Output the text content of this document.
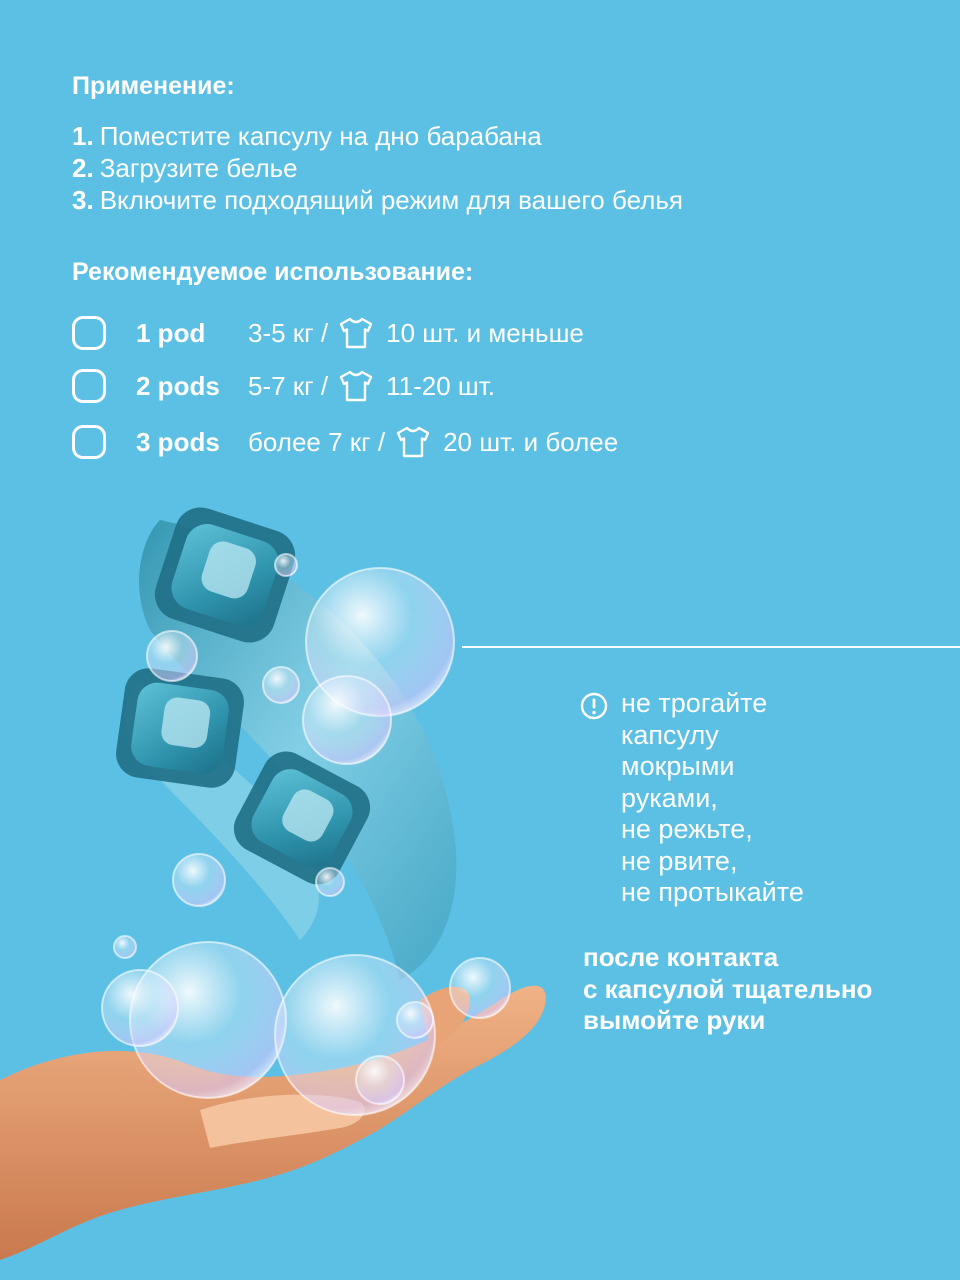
Применение:
1. Поместите капсулу на дно барабана
2. Загрузите белье
3. Включите подходящий режим для вашего белья
Рекомендуемое использование:
1 pod	3-5 кг / 10 шт. и меньше
2 pods	5-7 кг / 11-20 шт.
3 pods	более 7 кг / 20 шт. и более
не трогайте
капсулу
мокрыми
руками,
не режьте,
не рвите,
не протыкайте
после контакта
с капсулой тщательно
вымойте руки
